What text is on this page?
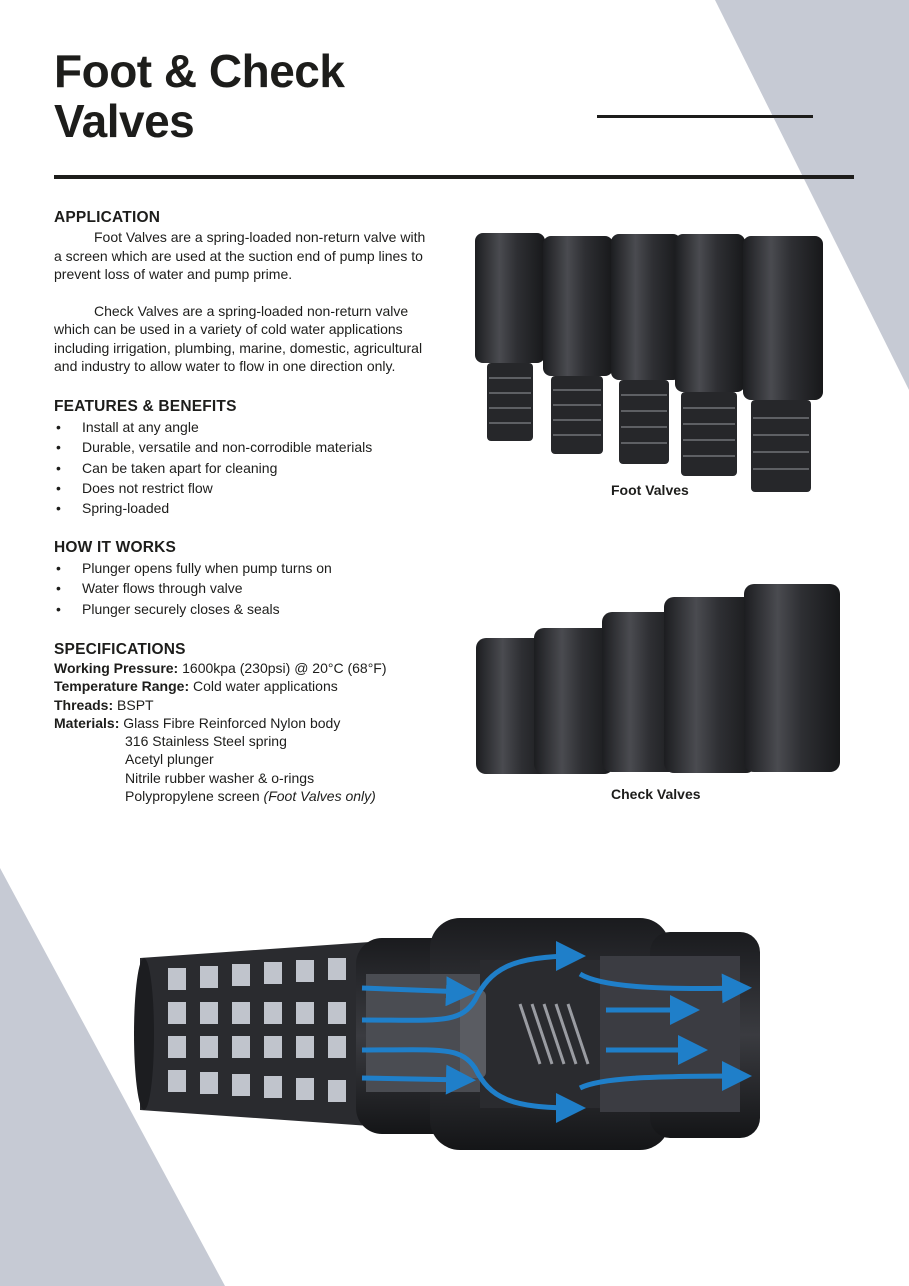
Foot & Check
Valves
APPLICATION

Foot Valves are a spring-loaded non-return valve with a screen which are used at the suction end of pump lines to prevent loss of water and pump prime.

Check Valves are a spring-loaded non-return valve which can be used in a variety of cold water applications including irrigation, plumbing, marine, domestic, agricultural and industry to allow water to flow in one direction only.

FEATURES & BENEFITS
• Install at any angle
• Durable, versatile and non-corrodible materials
• Can be taken apart for cleaning
• Does not restrict flow
• Spring-loaded
HOW IT WORKS
• Plunger opens fully when pump turns on
• Water flows through valve
• Plunger securely closes & seals
SPECIFICATIONS
Working Pressure: 1600kpa (230psi) @ 20°C (68°F)
Temperature Range: Cold water applications
Threads: BSPT
Materials: Glass Fibre Reinforced Nylon body
316 Stainless Steel spring
Acetyl plunger
Nitrile rubber washer & o-rings
Polypropylene screen (Foot Valves only)
Foot Valves
Check Valves
